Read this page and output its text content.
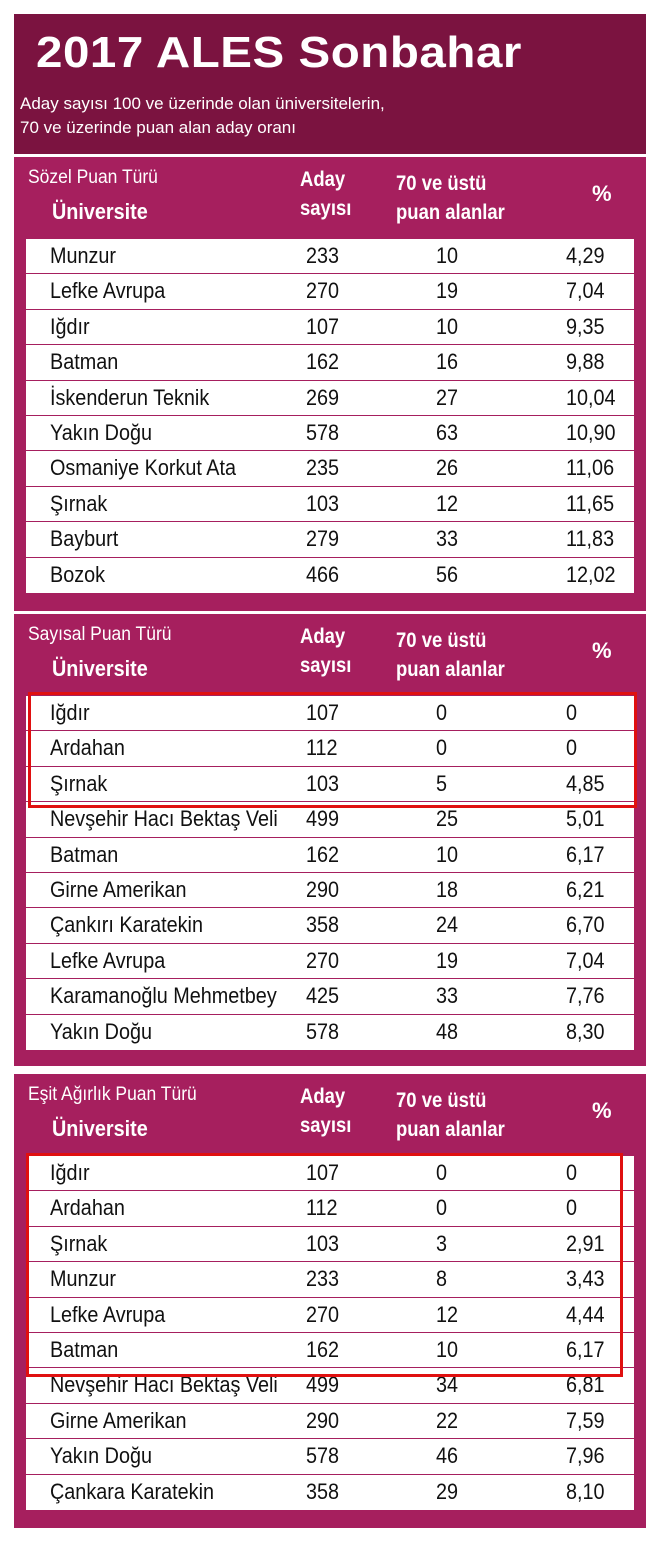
2017 ALES Sonbahar
Aday sayısı 100 ve üzerinde olan üniversitelerin,
70 ve üzerinde puan alan aday oranı
Sözel Puan Türü
Üniversite
Aday
sayısı
70 ve üstü
puan alanlar
%
Munzur	233	10	4,29
Lefke Avrupa	270	19	7,04
Iğdır	107	10	9,35
Batman	162	16	9,88
İskenderun Teknik	269	27	10,04
Yakın Doğu	578	63	10,90
Osmaniye Korkut Ata	235	26	11,06
Şırnak	103	12	11,65
Bayburt	279	33	11,83
Bozok	466	56	12,02
Sayısal Puan Türü
Üniversite
Aday
sayısı
70 ve üstü
puan alanlar
%
Iğdır	107	0	0
Ardahan	112	0	0
Şırnak	103	5	4,85
Nevşehir Hacı Bektaş Veli 499	25	5,01
Batman	162	10	6,17
Girne Amerikan	290	18	6,21
Çankırı Karatekin	358	24	6,70
Lefke Avrupa	270	19	7,04
Karamanoğlu Mehmetbey 425	33	7,76
Yakın Doğu	578	48	8,30
Eşit Ağırlık Puan Türü
Üniversite
Aday
sayısı
70 ve üstü
puan alanlar
%
Iğdır	107	0	0
Ardahan	112	0	0
Şırnak	103	3	2,91
Munzur	233	8	3,43
Lefke Avrupa	270	12	4,44
Batman	162	10	6,17
Nevşehir Hacı Bektaş Veli 499	34	6,81
Girne Amerikan	290	22	7,59
Yakın Doğu	578	46	7,96
Çankara Karatekin	358	29	8,10
